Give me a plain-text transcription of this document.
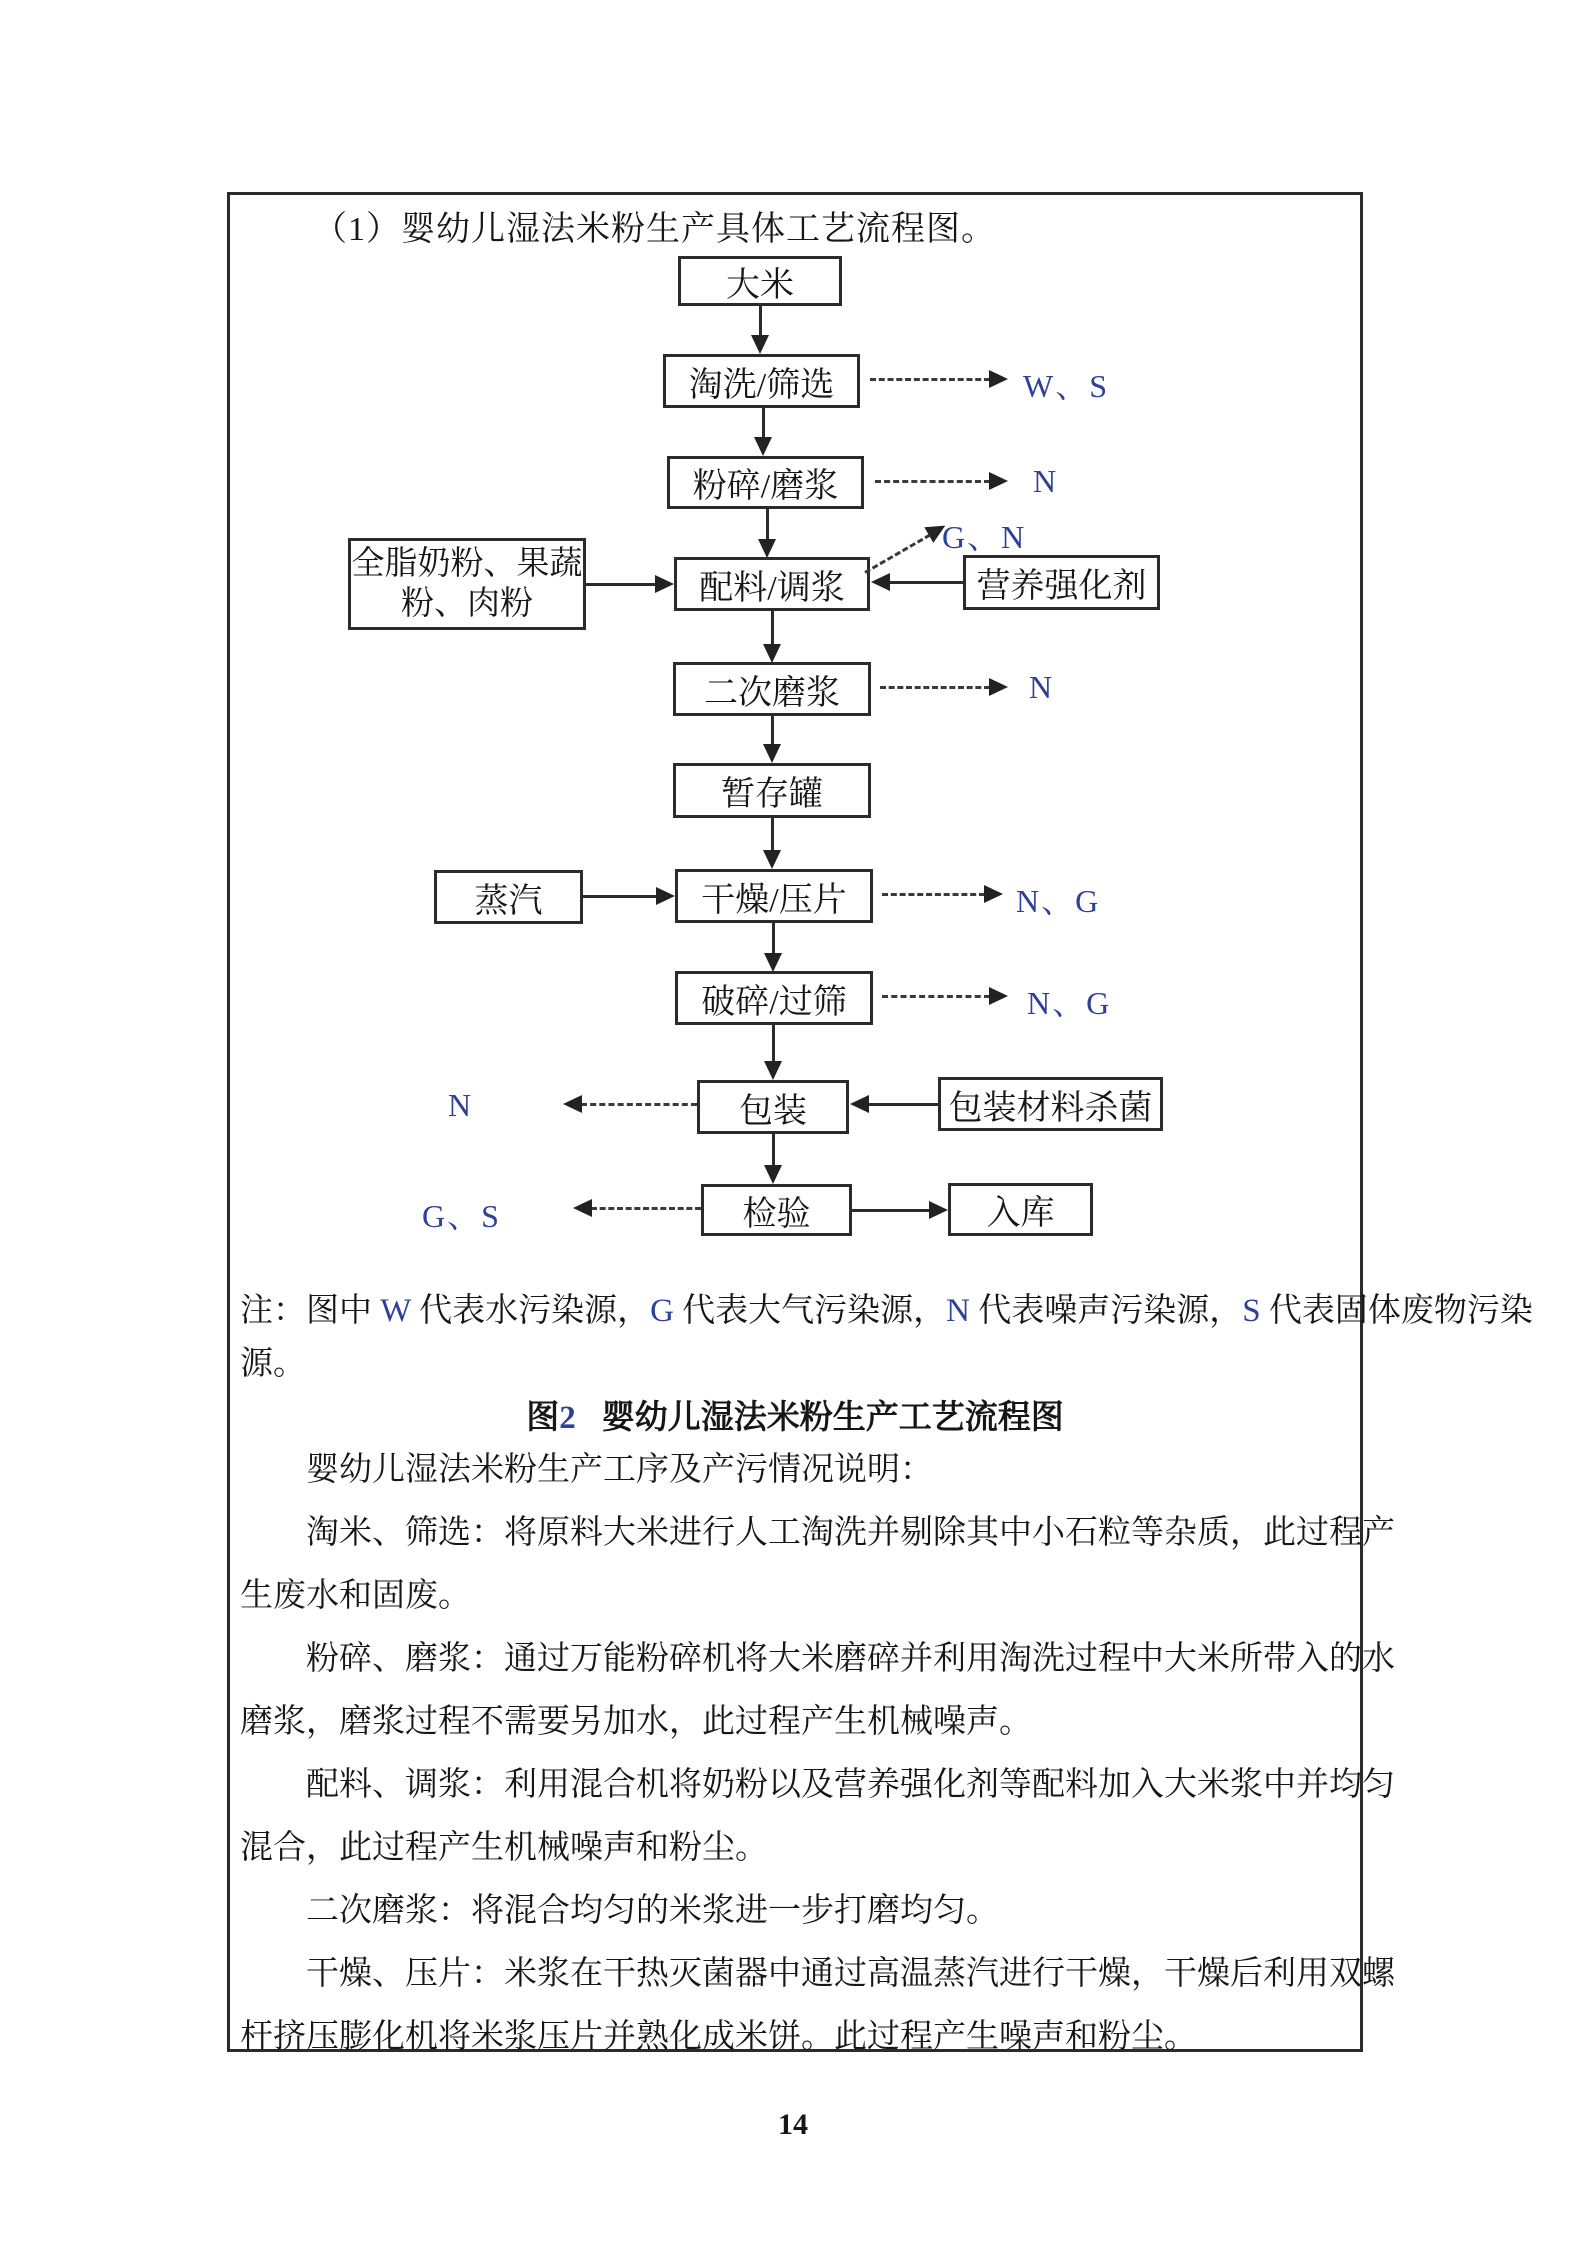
（1）婴幼儿湿法米粉生产具体工艺流程图。
大米
淘洗/筛选
粉碎/磨浆
配料/调浆
二次磨浆
暂存罐
干燥/压片
破碎/过筛
包装
检验	入库
营养强化剂
蒸汽
包装材料杀菌
全脂奶粉、果蔬
粉、肉粉
W、S
N
G、N
N
N、G
N、G
N
G、S
注：图中 W 代表水污染源，G 代表大气污染源，N 代表噪声污染源，S 代表固体废物污染
源。
图2 婴幼儿湿法米粉生产工艺流程图
婴幼儿湿法米粉生产工序及产污情况说明：
淘米、筛选：将原料大米进行人工淘洗并剔除其中小石粒等杂质，此过程产
生废水和固废。
粉碎、磨浆：通过万能粉碎机将大米磨碎并利用淘洗过程中大米所带入的水
磨浆，磨浆过程不需要另加水，此过程产生机械噪声。
配料、调浆：利用混合机将奶粉以及营养强化剂等配料加入大米浆中并均匀
混合，此过程产生机械噪声和粉尘。
二次磨浆：将混合均匀的米浆进一步打磨均匀。
干燥、压片：米浆在干热灭菌器中通过高温蒸汽进行干燥，干燥后利用双螺
杆挤压膨化机将米浆压片并熟化成米饼。此过程产生噪声和粉尘。
14
